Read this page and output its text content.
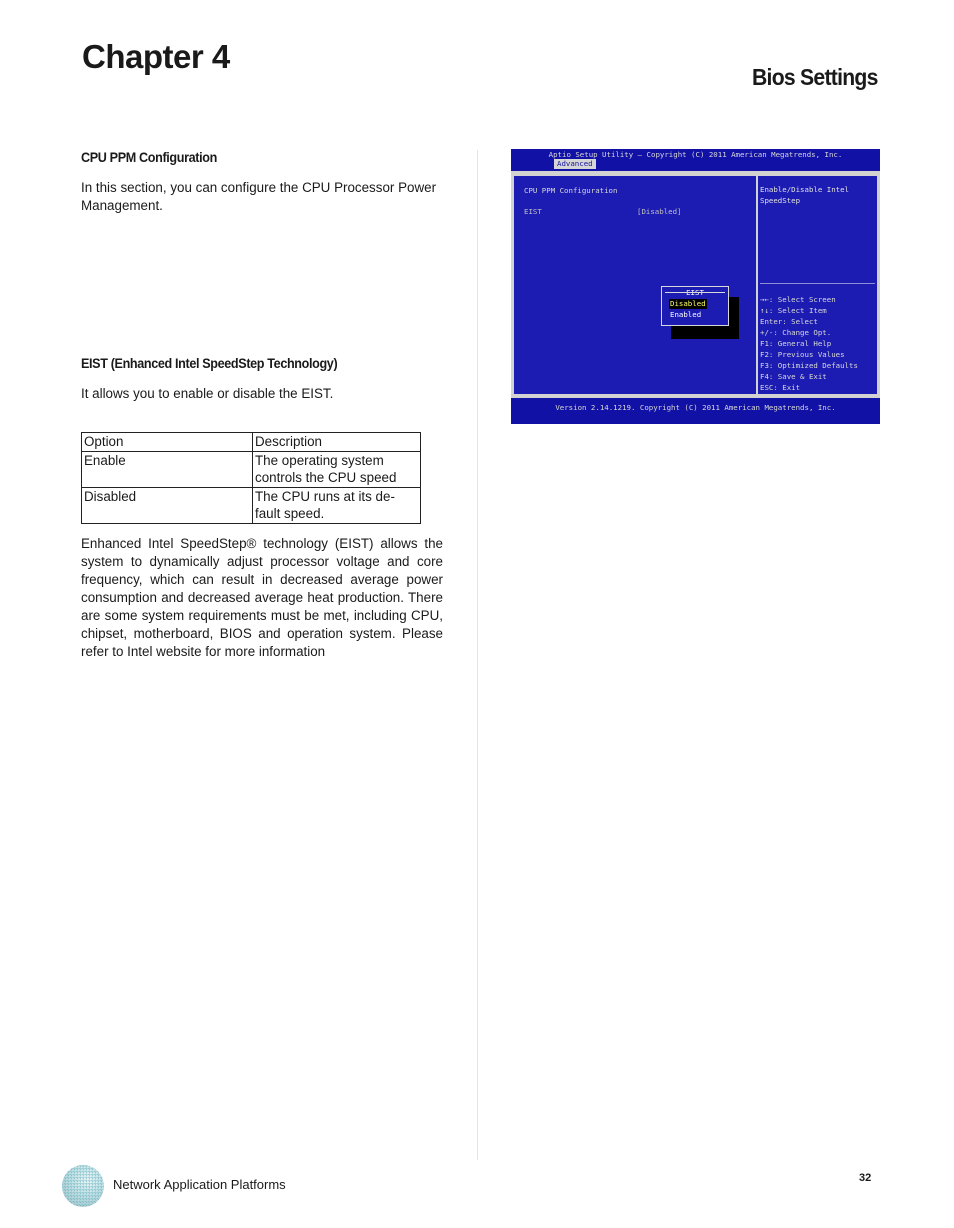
Chapter 4
Bios Settings
CPU PPM Configuration

In this section, you can configure the CPU Processor Power Management.

EIST (Enhanced Intel SpeedStep Technology)

It allows you to enable or disable the EIST.

Option	Description
Enable	The operating system controls the CPU speed
Disabled	The CPU runs at its de-fault speed.

Enhanced Intel SpeedStep® technology (EIST) allows the system to dynamically adjust processor voltage and core frequency, which can result in decreased average power consumption and decreased average heat production. There are some system requirements must be met, including CPU, chipset, motherboard, BIOS and operation system. Please refer to Intel website for more information

Aptio Setup Utility – Copyright (C) 2011 American Megatrends, Inc.
Advanced
CPU PPM Configuration
EIST	[Disabled]
Disabled
Enabled
Enable/Disable Intel
SpeedStep
→←: Select Screen
↑↓: Select Item
Enter: Select
+/-: Change Opt.
F1: General Help
F2: Previous Values
F3: Optimized Defaults
F4: Save & Exit
ESC: Exit
Version 2.14.1219. Copyright (C) 2011 American Megatrends, Inc.

Network Application Platforms	32
